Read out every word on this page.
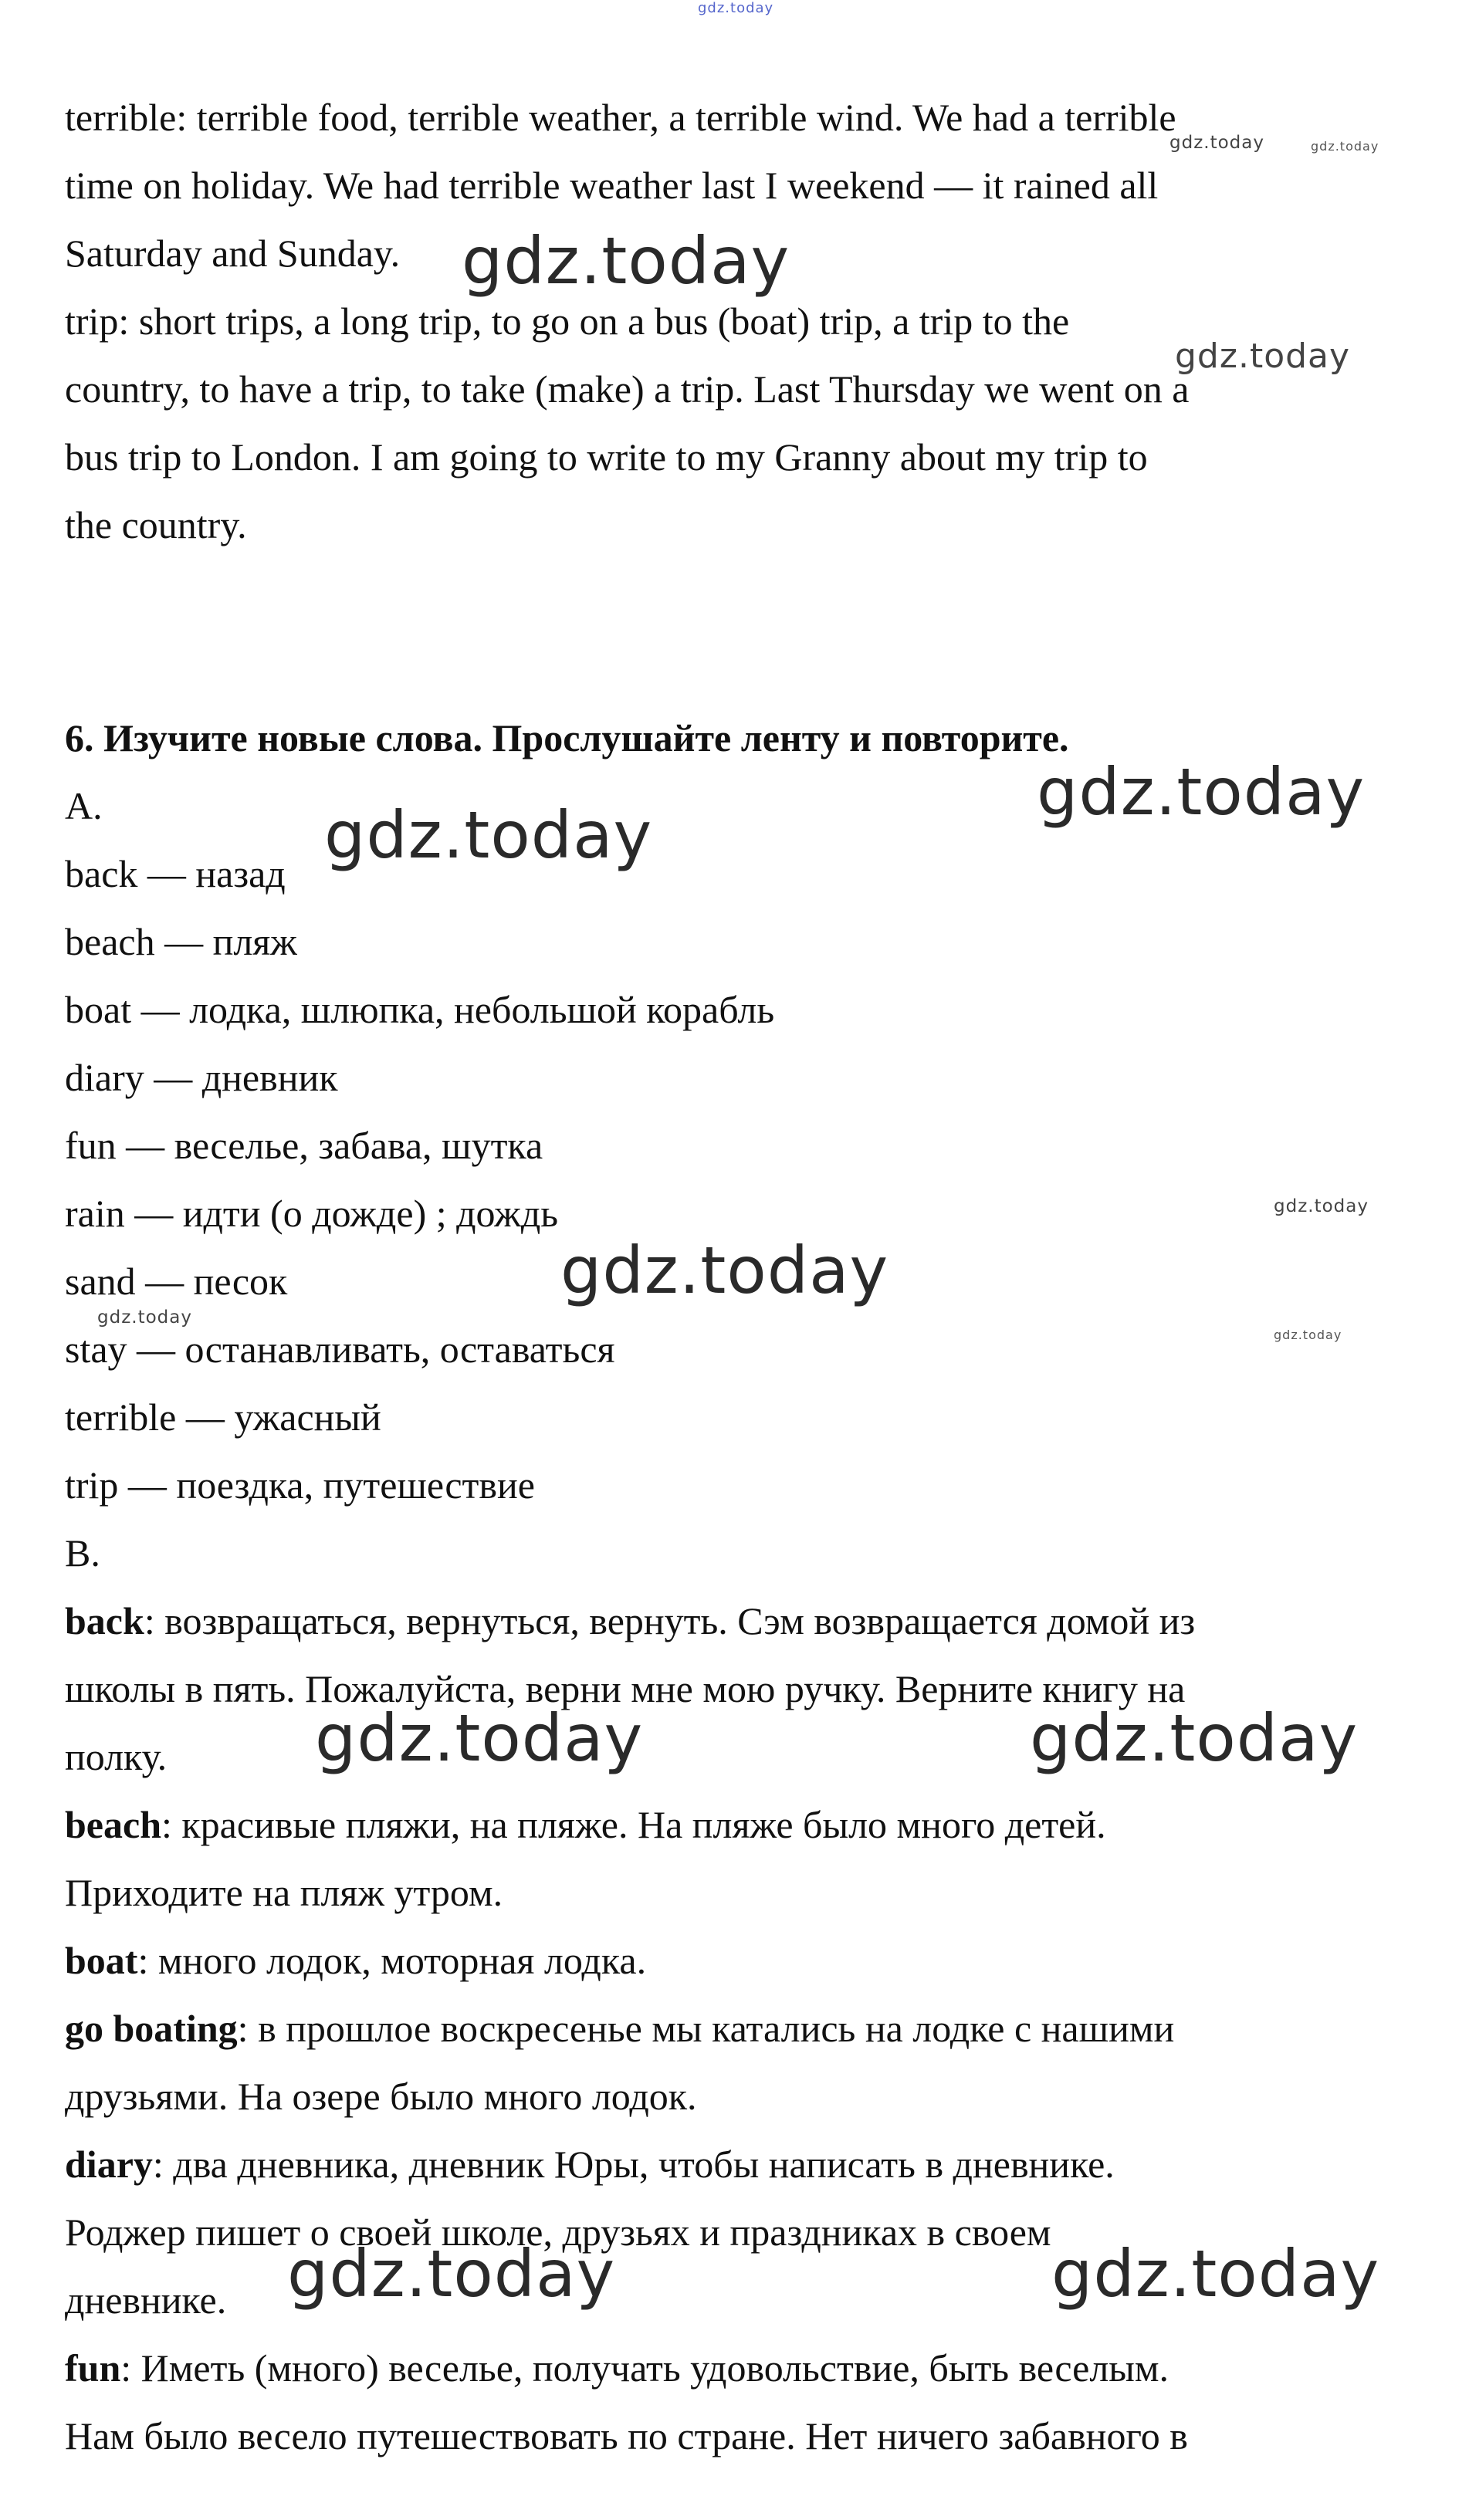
gdz.today
terrible: terrible food, terrible weather, a terrible wind. We had a terrible
time on holiday. We had terrible weather last I weekend — it rained all
Saturday and Sunday.
trip: short trips, a long trip, to go on a bus (boat) trip, a trip to the
country, to have a trip, to take (make) a trip. Last Thursday we went on a
bus trip to London. I am going to write to my Granny about my trip to
the country.
6. Изучите новые слова. Прослушайте ленту и повторите.
A.
back — назад
beach — пляж
boat — лодка, шлюпка, небольшой корабль
diary — дневник
fun — веселье, забава, шутка
rain — идти (о дожде) ; дождь
sand — песок
stay — останавливать, оставаться
terrible — ужасный
trip — поездка, путешествие
B.
back: возвращаться, вернуться, вернуть. Сэм возвращается домой из
школы в пять. Пожалуйста, верни мне мою ручку. Верните книгу на
полку.
beach: красивые пляжи, на пляже. На пляже было много детей.
Приходите на пляж утром.
boat: много лодок, моторная лодка.
go boating: в прошлое воскресенье мы катались на лодке с нашими
друзьями. На озере было много лодок.
diary: два дневника, дневник Юры, чтобы написать в дневнике.
Роджер пишет о своей школе, друзьях и праздниках в своем
дневнике.
fun: Иметь (много) веселье, получать удовольствие, быть веселым.
Нам было весело путешествовать по стране. Нет ничего забавного в
gdz.today	gdz.today
gdz.today
gdz.today
gdz.today
gdz.today
gdz.today
gdz.today
gdz.today
gdz.today
gdz.today	gdz.today
gdz.today	gdz.today
